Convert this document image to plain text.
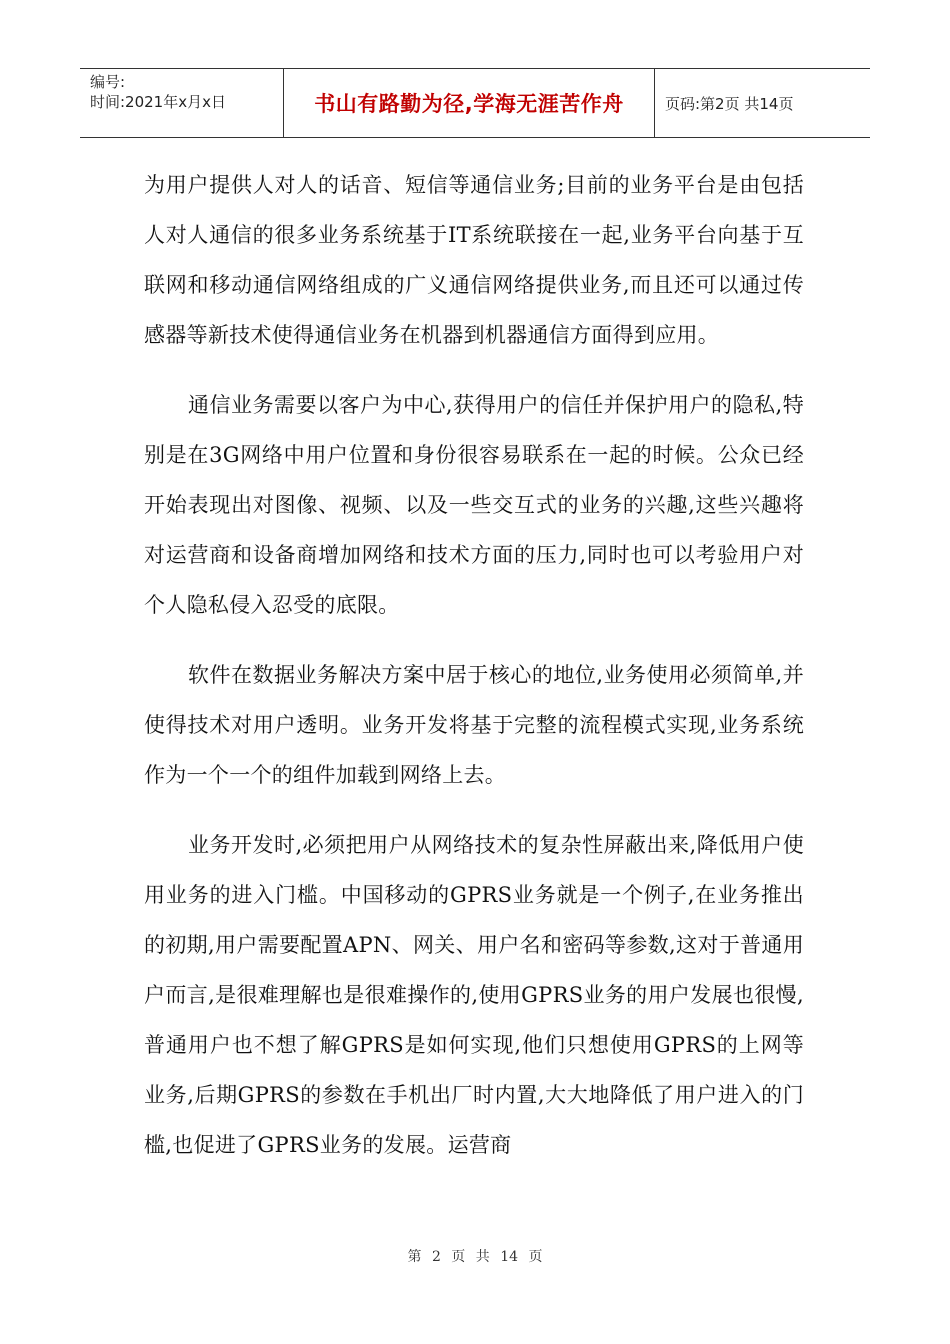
编号:
时间:2021年x月x日	书山有路勤为径,学海无涯苦作舟	页码:第2页 共14页

为用户提供人对人的话音、短信等通信业务;目前的业务平台是由包括人对人通信的很多业务系统基于IT系统联接在一起,业务平台向基于互联网和移动通信网络组成的广义通信网络提供业务,而且还可以通过传感器等新技术使得通信业务在机器到机器通信方面得到应用。

通信业务需要以客户为中心,获得用户的信任并保护用户的隐私,特别是在3G网络中用户位置和身份很容易联系在一起的时候。公众已经开始表现出对图像、视频、以及一些交互式的业务的兴趣,这些兴趣将对运营商和设备商增加网络和技术方面的压力,同时也可以考验用户对个人隐私侵入忍受的底限。

软件在数据业务解决方案中居于核心的地位,业务使用必须简单,并使得技术对用户透明。业务开发将基于完整的流程模式实现,业务系统作为一个一个的组件加载到网络上去。

业务开发时,必须把用户从网络技术的复杂性屏蔽出来,降低用户使用业务的进入门槛。中国移动的GPRS业务就是一个例子,在业务推出的初期,用户需要配置APN、网关、用户名和密码等参数,这对于普通用户而言,是很难理解也是很难操作的,使用GPRS业务的用户发展也很慢,普通用户也不想了解GPRS是如何实现,他们只想使用GPRS的上网等业务,后期GPRS的参数在手机出厂时内置,大大地降低了用户进入的门槛,也促进了GPRS业务的发展。运营商

第 2 页 共 14 页
